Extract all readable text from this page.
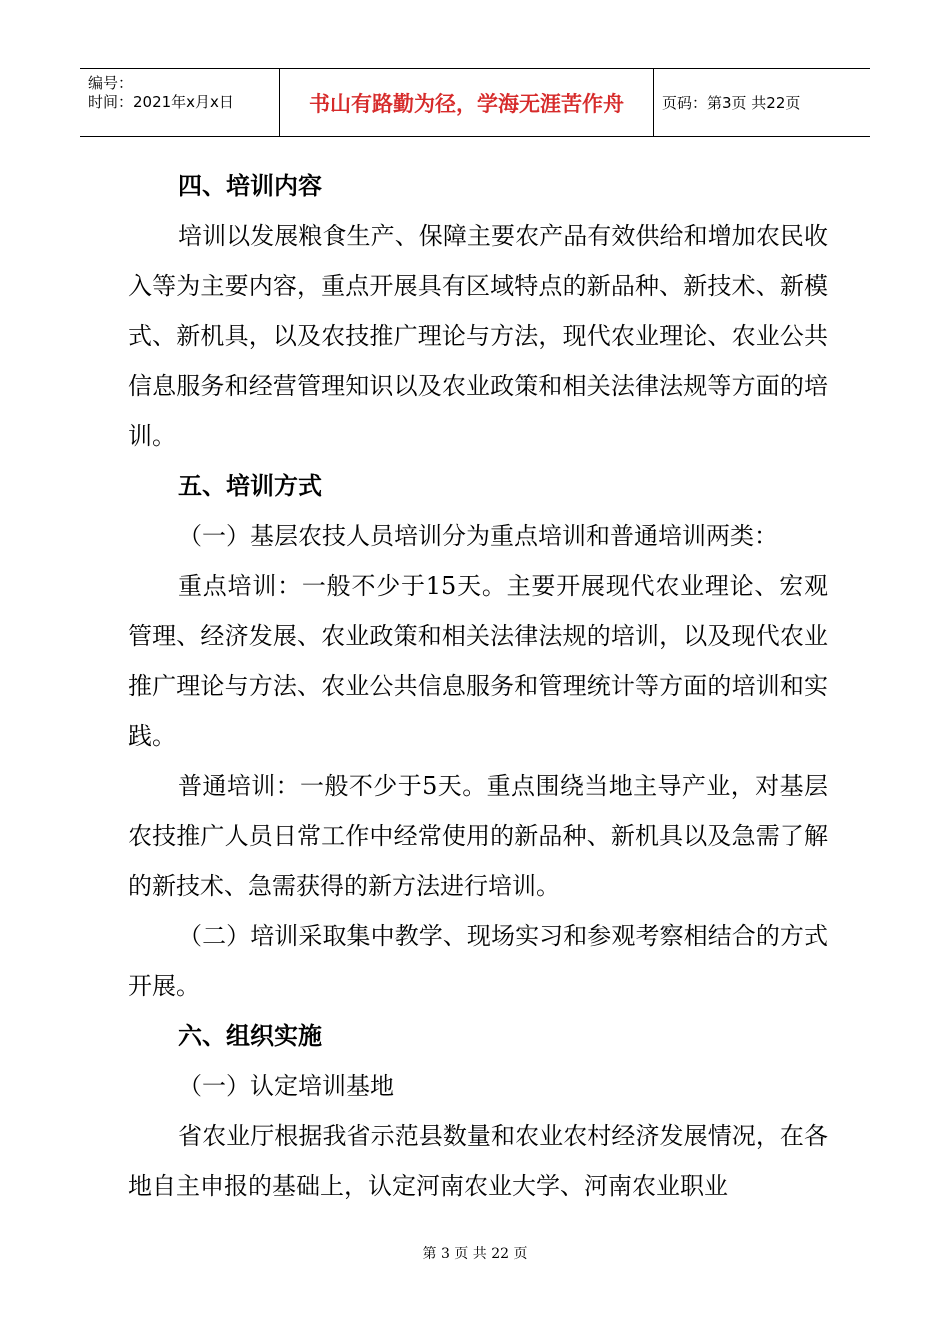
编号：
时间：2021年x月x日	书山有路勤为径，学海无涯苦作舟	页码：第3页 共22页

四、培训内容

培训以发展粮食生产、保障主要农产品有效供给和增加农民收入等为主要内容，重点开展具有区域特点的新品种、新技术、新模式、新机具，以及农技推广理论与方法，现代农业理论、农业公共信息服务和经营管理知识以及农业政策和相关法律法规等方面的培训。

五、培训方式

（一）基层农技人员培训分为重点培训和普通培训两类：

重点培训：一般不少于15天。主要开展现代农业理论、宏观管理、经济发展、农业政策和相关法律法规的培训，以及现代农业推广理论与方法、农业公共信息服务和管理统计等方面的培训和实践。

普通培训：一般不少于5天。重点围绕当地主导产业，对基层农技推广人员日常工作中经常使用的新品种、新机具以及急需了解的新技术、急需获得的新方法进行培训。

（二）培训采取集中教学、现场实习和参观考察相结合的方式开展。

六、组织实施

（一）认定培训基地

省农业厅根据我省示范县数量和农业农村经济发展情况，在各地自主申报的基础上，认定河南农业大学、河南农业职业

第 3 页 共 22 页
